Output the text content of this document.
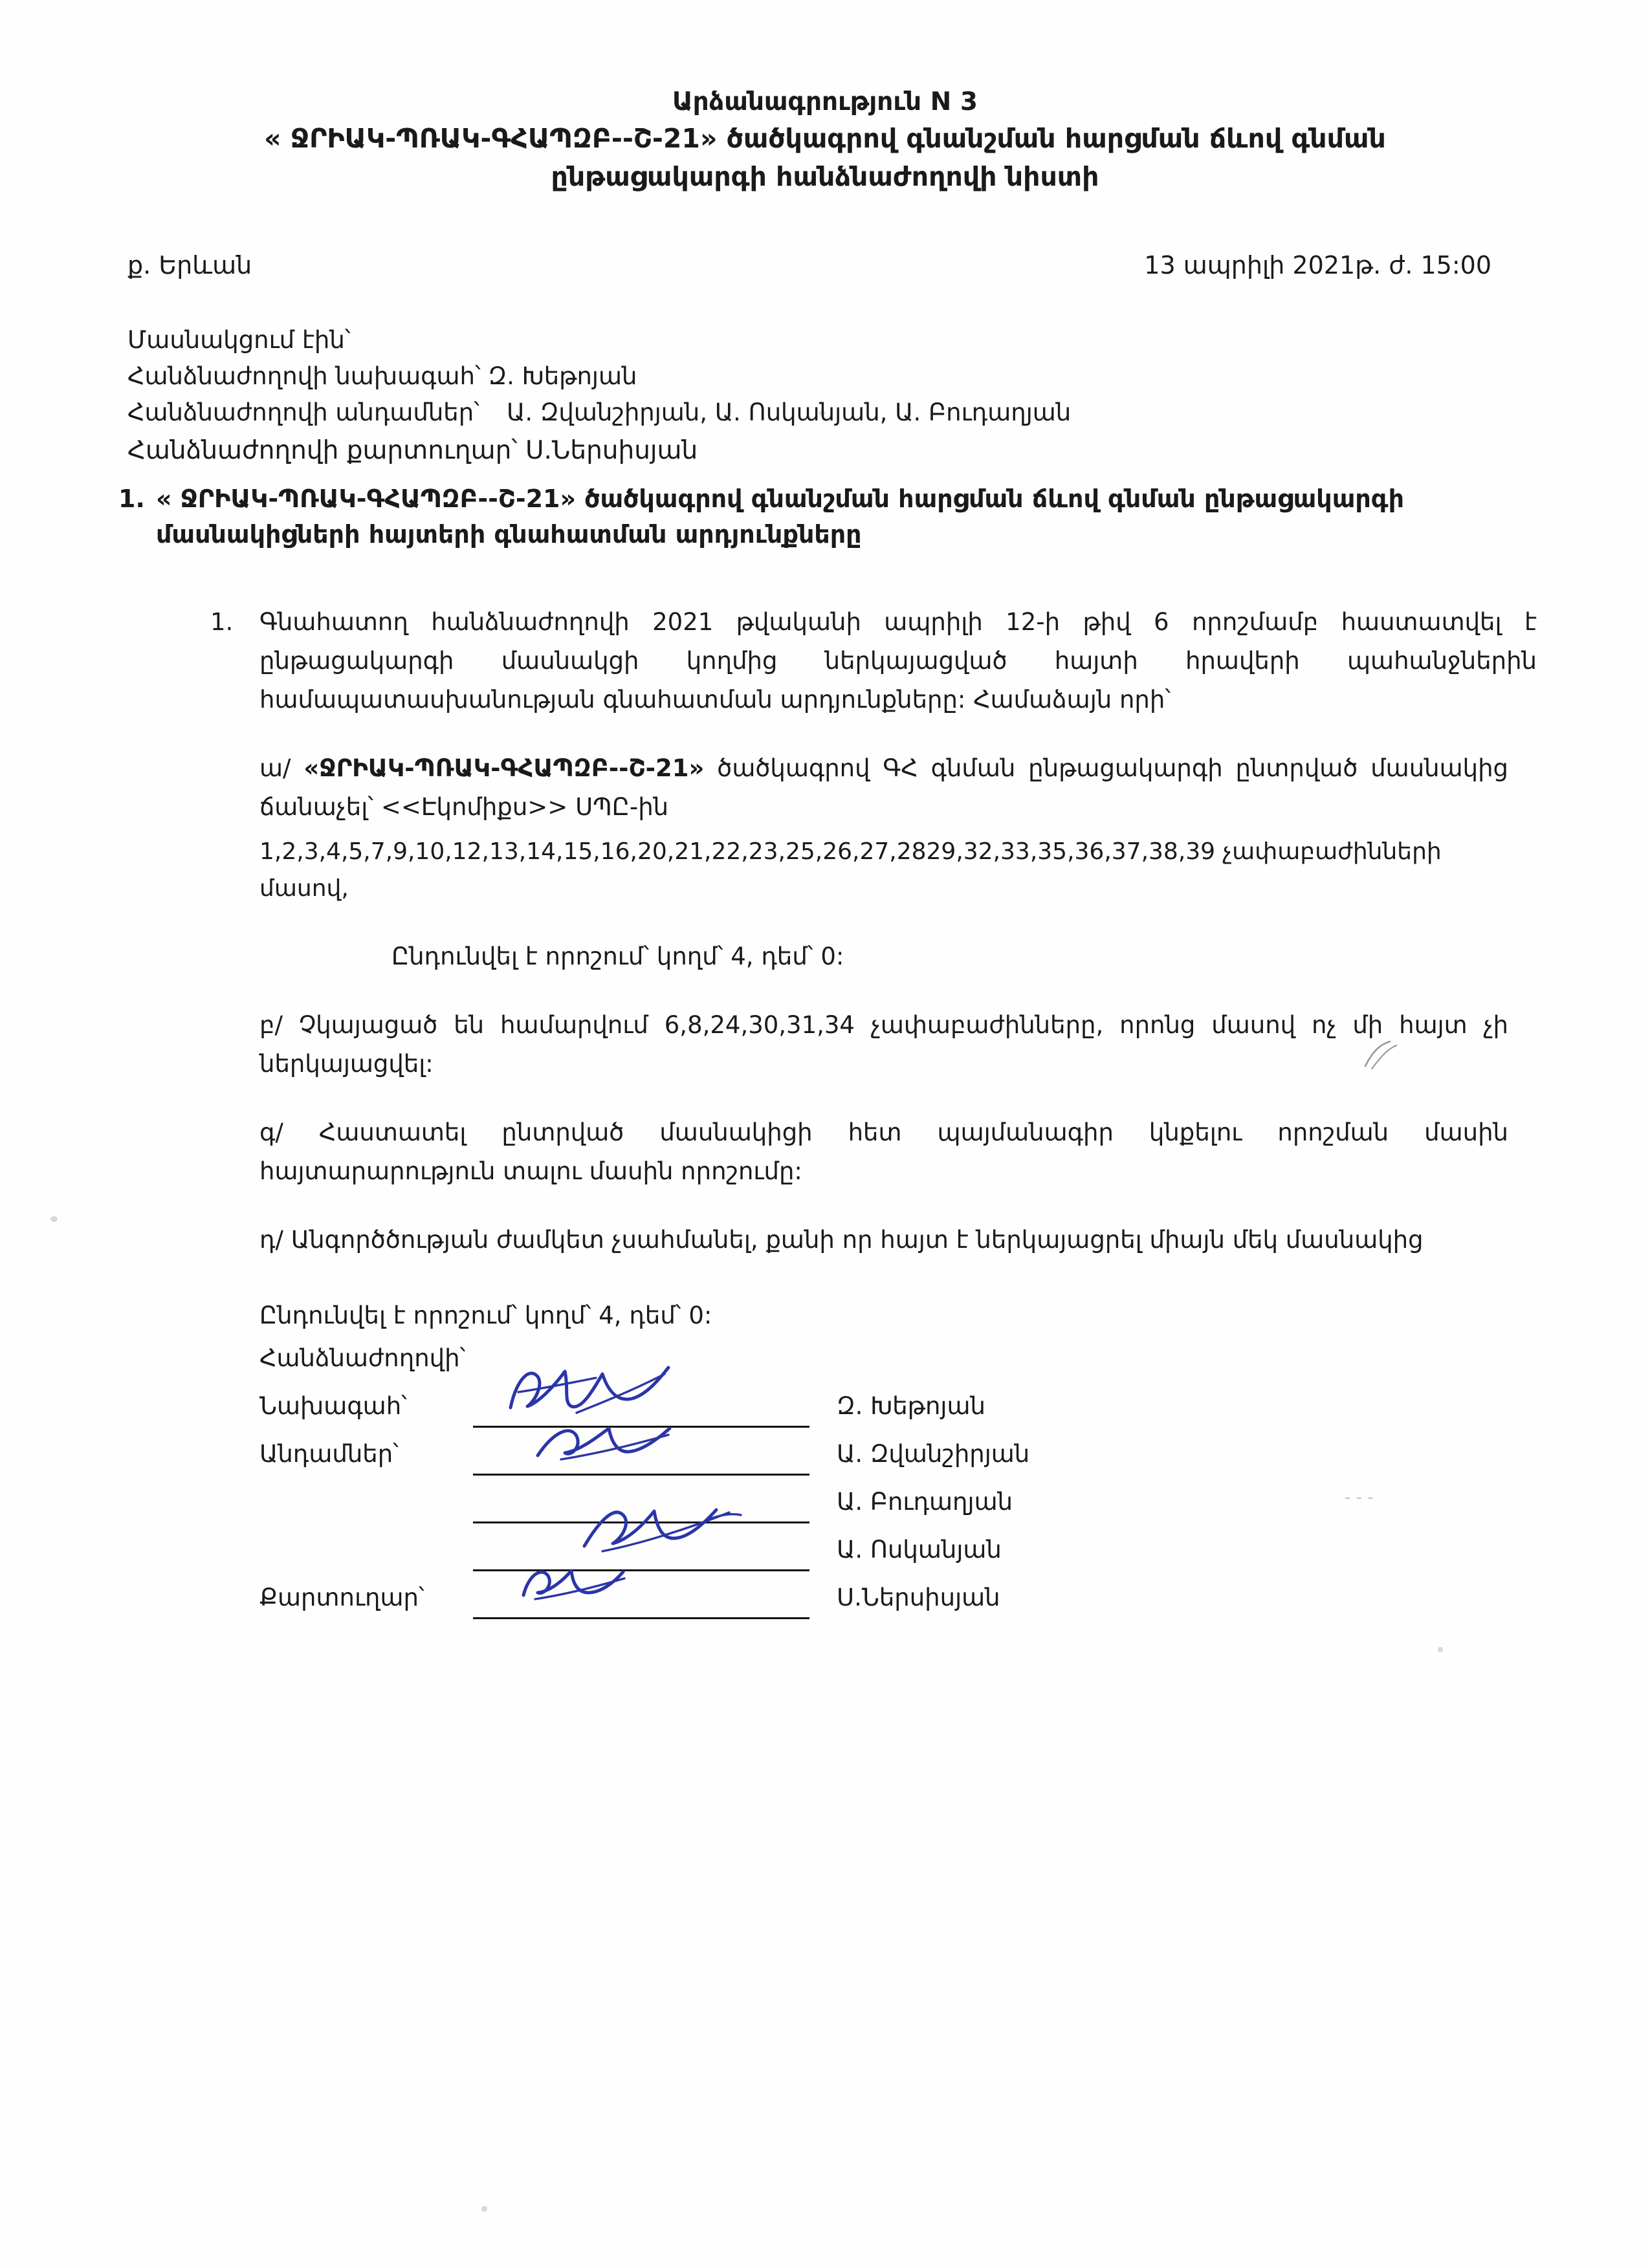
Արձանագրություն N 3
« ՋՐԻԱԿ-ՊՌԱԿ-ԳՀԱՊԶԲ--Շ-21» ծածկագրով գնանշման հարցման ճևով գնման
ընթացակարգի հանձնաժողովի նիստի
ք. Երևան	13 ապրիլի 2021թ. ժ. 15:00
Մասնակցում էին՝
Հանձնաժողովի նախագահ՝ Զ. Խեթոյան
Հանձնաժողովի անդամներ՝ Ա. Զվանշիրյան, Ա. Ոսկանյան, Ա. Բուդաղյան
Հանձնաժողովի քարտուղար՝ Ս.Ներսիսյան
1. « ՋՐԻԱԿ-ՊՌԱԿ-ԳՀԱՊԶԲ--Շ-21» ծածկագրով գնանշման հարցման ճևով գնման ընթացակարգի մասնակիցների հայտերի գնահատման արդյունքները
1.	Գնահատող հանձնաժողովի 2021 թվականի ապրիլի 12-ի թիվ 6 որոշմամբ հաստատվել է ընթացակարգի մասնակցի կողմից ներկայացված հայտի հրավերի պահանջներին համապատասխանության գնահատման արդյունքները: Համաձայն որի՝
ա/ «ՋՐԻԱԿ-ՊՌԱԿ-ԳՀԱՊԶԲ--Շ-21» ծածկագրով ԳՀ գնման ընթացակարգի ընտրված մասնակից ճանաչել՝ <<Էկոմիքս>> ՍՊԸ-ին
1,2,3,4,5,7,9,10,12,13,14,15,16,20,21,22,23,25,26,27,2829,32,33,35,36,37,38,39 չափաբաժինների մասով,
Ընդունվել է որոշում՝ կողմ՝ 4, դեմ՝ 0:
բ/ Չկայացած են համարվում 6,8,24,30,31,34 չափաբաժինները, որոնց մասով ոչ մի հայտ չի ներկայացվել:
գ/ Հաստատել ընտրված մասնակիցի հետ պայմանագիր կնքելու որոշման մասին հայտարարություն տալու մասին որոշումը:
դ/ Անգործծության ժամկետ չսահմանել, քանի որ հայտ է ներկայացրել միայն մեկ մասնակից
Ընդունվել է որոշում՝ կողմ՝ 4, դեմ՝ 0:
Հանձնաժողովի՝
Նախագահ՝	Զ. Խեթոյան
Անդամներ՝	Ա. Զվանշիրյան
Ա. Բուդաղյան
Ա. Ոսկանյան
Քարտուղար՝	Ս.Ներսիսյան
- - -
